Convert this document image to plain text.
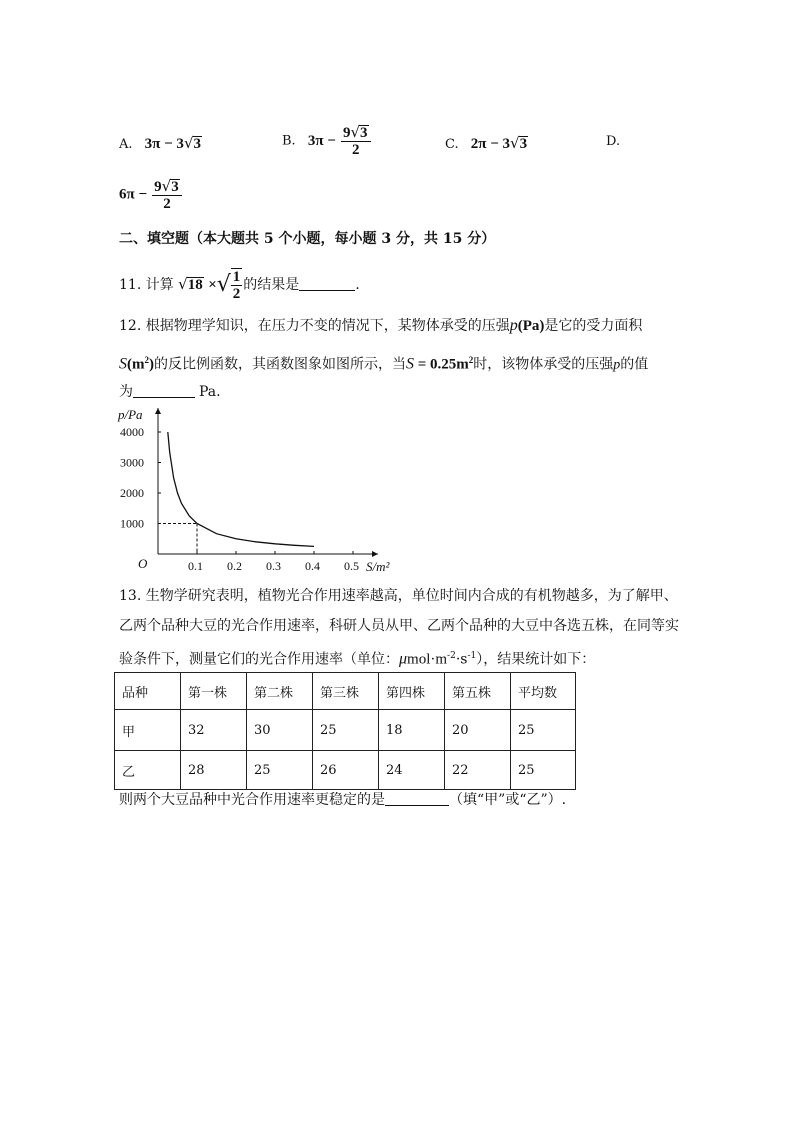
A. 3π − 3√3	B. $3\pi - \frac{9√3}{2}$	C. 2π − 3√3	D.
$6\pi - \frac{9√3}{2}$
二、填空题（本大题共 5 个小题，每小题 3 分，共 15 分）
11. 计算 √18 ×√ $\frac{1}{2}$ 的结果是	.
12. 根据物理学知识，在压力不变的情况下，某物体承受的压强p(Pa)是它的受力面积
$S(m^2)$的反比例函数，其函数图象如图所示，当$S = 0.25m^2$时，该物体承受的压强p的值
为	Pa.
p/Pa
S/m²
O	0.1 0.2 0.3 0.4 0.5
1000
2000
3000
4000
13. 生物学研究表明，植物光合作用速率越高，单位时间内合成的有机物越多，为了解甲、
乙两个品种大豆的光合作用速率，科研人员从甲、乙两个品种的大豆中各选五株，在同等实
验条件下，测量它们的光合作用速率（单位：$\mu mol\cdot m^{-2}\cdot s^{-1}$），结果统计如下：
品种	第一株	第二株	第三株	第四株	第五株	平均数
甲	32	30	25	18	20	25
乙	28	25	26	24	22	25
则两个大豆品种中光合作用速率更稳定的是	（填“甲”或“乙”）.
